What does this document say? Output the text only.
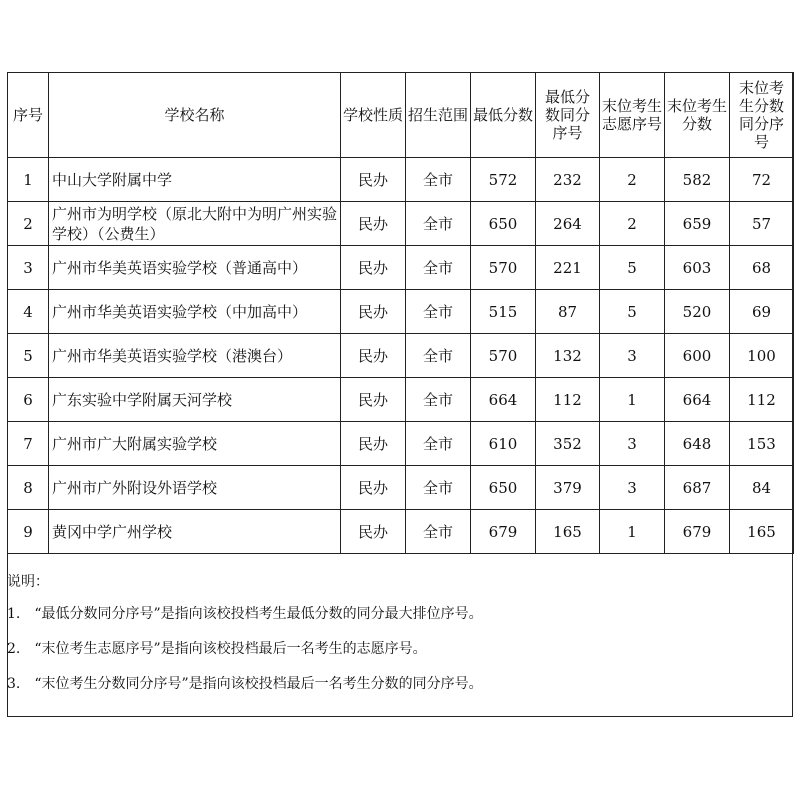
序号	学校名称	学校性质	招生范围	最低分数	最低分数同分序号	末位考生志愿序号	末位考生分数	末位考生分数同分序号
1	中山大学附属中学	民办	全市	572	232	2	582	72
2	广州市为明学校（原北大附中为明广州实验学校）（公费生）	民办	全市	650	264	2	659	57
3	广州市华美英语实验学校（普通高中）	民办	全市	570	221	5	603	68
4	广州市华美英语实验学校（中加高中）	民办	全市	515	87	5	520	69
5	广州市华美英语实验学校（港澳台）	民办	全市	570	132	3	600	100
6	广东实验中学附属天河学校	民办	全市	664	112	1	664	112
7	广州市广大附属实验学校	民办	全市	610	352	3	648	153
8	广州市广外附设外语学校	民办	全市	650	379	3	687	84
9	黄冈中学广州学校	民办	全市	679	165	1	679	165
说明：
1.　“最低分数同分序号”是指向该校投档考生最低分数的同分最大排位序号。
2.　“末位考生志愿序号”是指向该校投档最后一名考生的志愿序号。
3.　“末位考生分数同分序号”是指向该校投档最后一名考生分数的同分序号。
